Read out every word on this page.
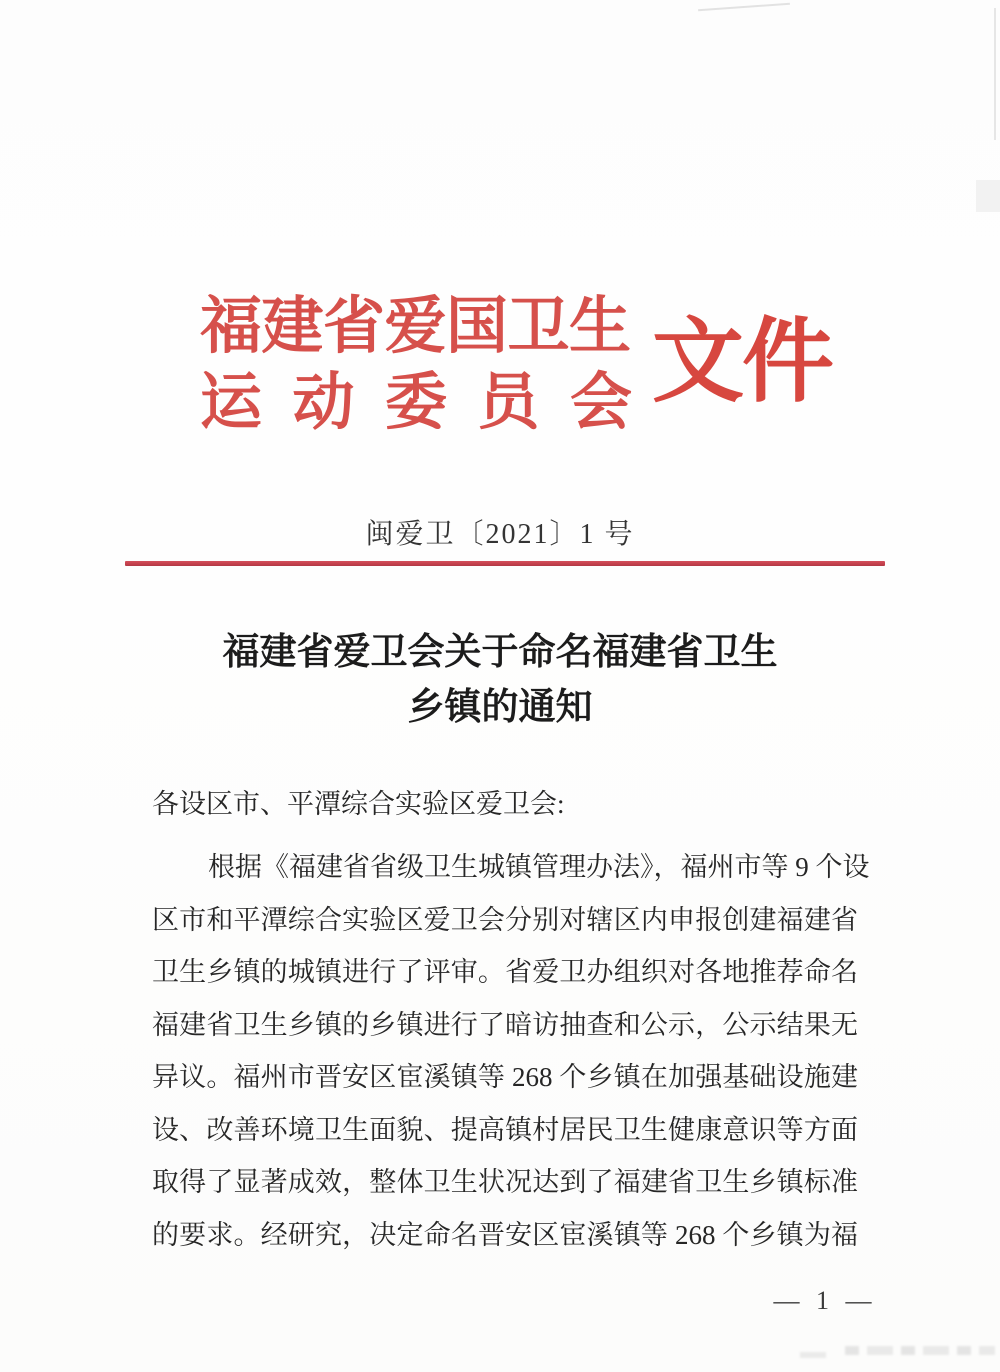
福建省爱国卫生
运 动 委 员 会 文件
闽爱卫〔2021〕1 号
福建省爱卫会关于命名福建省卫生
乡镇的通知
各设区市、平潭综合实验区爱卫会:
根据《福建省省级卫生城镇管理办法》，福州市等 9 个设
区市和平潭综合实验区爱卫会分别对辖区内申报创建福建省
卫生乡镇的城镇进行了评审。省爱卫办组织对各地推荐命名
福建省卫生乡镇的乡镇进行了暗访抽查和公示，公示结果无
异议。福州市晋安区宦溪镇等 268 个乡镇在加强基础设施建
设、改善环境卫生面貌、提高镇村居民卫生健康意识等方面
取得了显著成效，整体卫生状况达到了福建省卫生乡镇标准
的要求。经研究，决定命名晋安区宦溪镇等 268 个乡镇为福
— 1 —
